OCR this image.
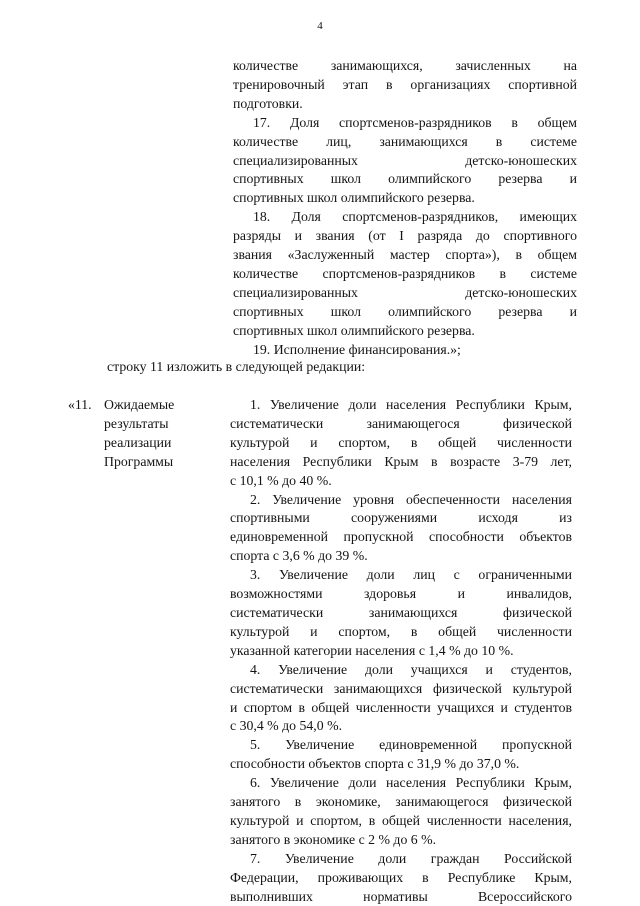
4

количестве занимающихся, зачисленных на
тренировочный этап в организациях спортивной

подготовки.

17. Доля спортсменов-разрядников в общем
количестве лиц, занимающихся в системе
специализированных детско-юношеских
спортивных школ олимпийского резерва и

спортивных школ олимпийского резерва.

18. Доля спортсменов-разрядников, имеющих
разряды и звания (от I разряда до спортивного
звания «Заслуженный мастер спорта»), в общем
количестве спортсменов-разрядников в системе
специализированных детско-юношеских
спортивных школ олимпийского резерва и

спортивных школ олимпийского резерва.

19. Исполнение финансирования.»;

строку 11 изложить в следующей редакции:
«11. Ожидаемые
результаты
реализации
Программы

1. Увеличение доли населения Республики Крым,
систематически занимающегося физической
культурой и спортом, в общей численности
населения Республики Крым в возрасте 3-79 лет,

с 10,1 % до 40 %.

2. Увеличение уровня обеспеченности населения
спортивными сооружениями исходя из
единовременной пропускной способности объектов

спорта с 3,6 % до 39 %.

3. Увеличение доли лиц с ограниченными
возможностями здоровья и инвалидов,
систематически занимающихся физической
культурой и спортом, в общей численности

указанной категории населения с 1,4 % до 10 %.

4. Увеличение доли учащихся и студентов,
систематически занимающихся физической культурой
и спортом в общей численности учащихся и студентов

с 30,4 % до 54,0 %.

5. Увеличение единовременной пропускной

способности объектов спорта с 31,9 % до 37,0 %.

6. Увеличение доли населения Республики Крым,
занятого в экономике, занимающегося физической
культурой и спортом, в общей численности населения,

занятого в экономике с 2 % до 6 %.

7. Увеличение доли граждан Российской
Федерации, проживающих в Республике Крым,
выполнивших нормативы Всероссийского
